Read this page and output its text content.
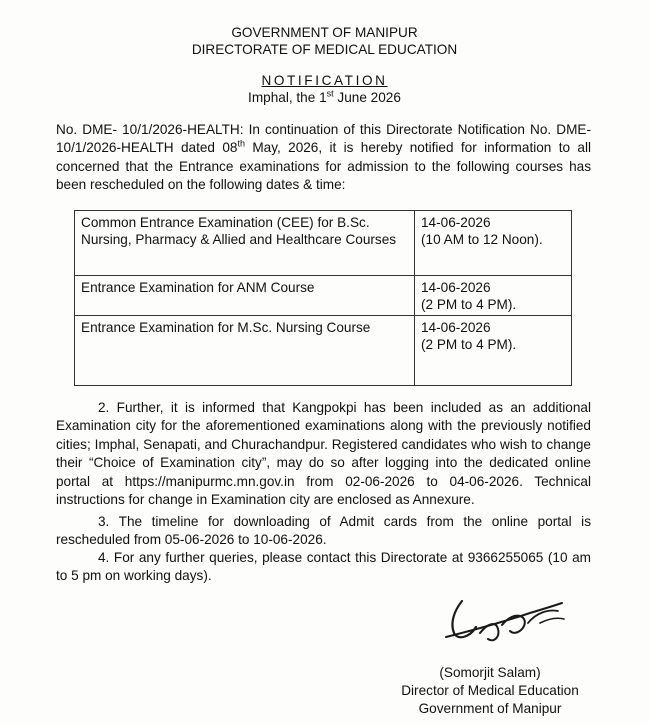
GOVERNMENT OF MANIPUR
DIRECTORATE OF MEDICAL EDUCATION
NOTIFICATION
Imphal, the 1st June 2026
No. DME- 10/1/2026-HEALTH: In continuation of this Directorate Notification No. DME- 10/1/2026-HEALTH dated 08th May, 2026, it is hereby notified for information to all concerned that the Entrance examinations for admission to the following courses has been rescheduled on the following dates & time:
Common Entrance Examination (CEE) for B.Sc. Nursing, Pharmacy & Allied and Healthcare Courses	14-06-2026
(10 AM to 12 Noon).

Entrance Examination for ANM Course	14-06-2026
(2 PM to 4 PM).

Entrance Examination for M.Sc. Nursing Course	14-06-2026
(2 PM to 4 PM).
2. Further, it is informed that Kangpokpi has been included as an additional Examination city for the aforementioned examinations along with the previously notified cities; Imphal, Senapati, and Churachandpur. Registered candidates who wish to change their “Choice of Examination city”, may do so after logging into the dedicated online portal at https://manipurmc.mn.gov.in from 02-06-2026 to 04-06-2026. Technical instructions for change in Examination city are enclosed as Annexure.
3. The timeline for downloading of Admit cards from the online portal is rescheduled from 05-06-2026 to 10-06-2026.
4. For any further queries, please contact this Directorate at 9366255065 (10 am to 5 pm on working days).
(Somorjit Salam)
Director of Medical Education
Government of Manipur
